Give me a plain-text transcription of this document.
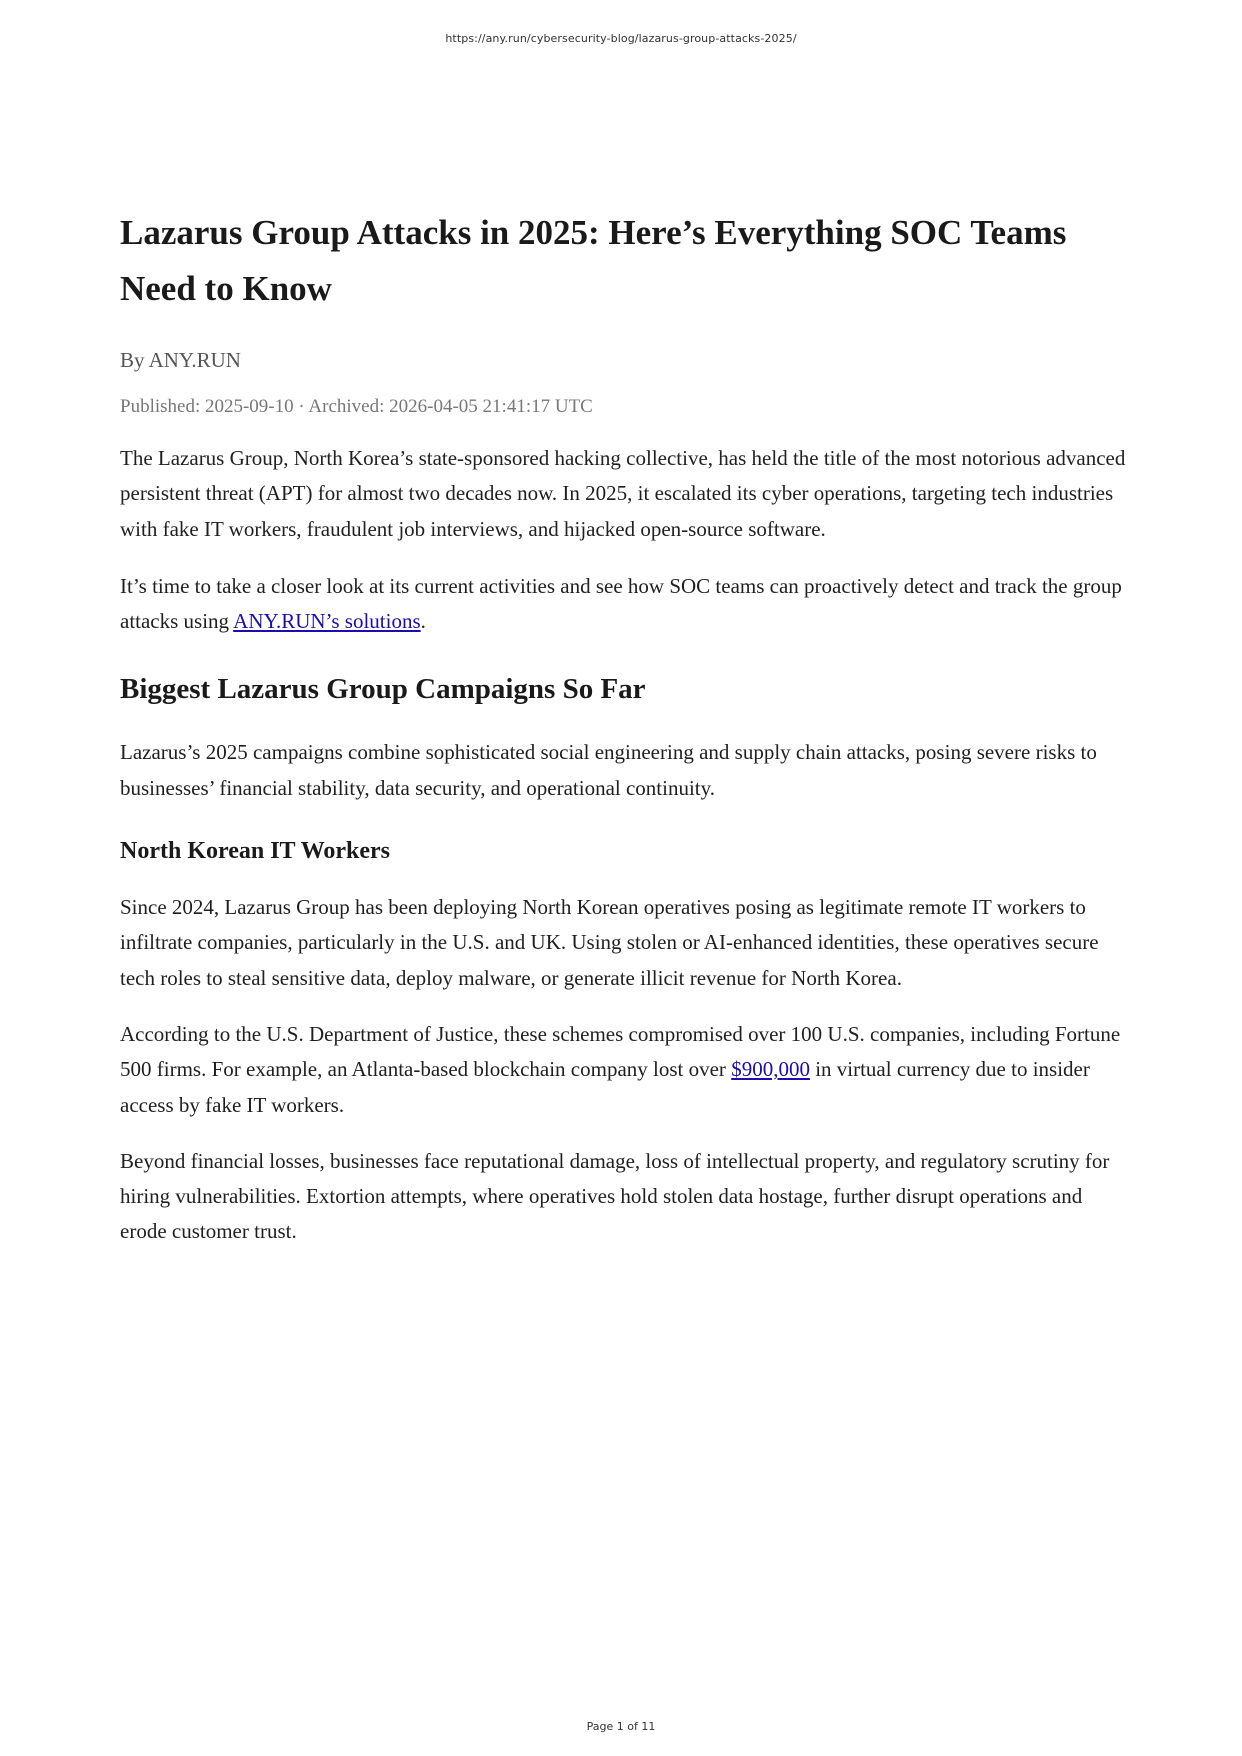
https://any.run/cybersecurity-blog/lazarus-group-attacks-2025/
Lazarus Group Attacks in 2025: Here’s Everything SOC Teams Need to Know

By ANY.RUN

Published: 2025-09-10 · Archived: 2026-04-05 21:41:17 UTC

The Lazarus Group, North Korea’s state-sponsored hacking collective, has held the title of the most notorious advanced persistent threat (APT) for almost two decades now. In 2025, it escalated its cyber operations, targeting tech industries with fake IT workers, fraudulent job interviews, and hijacked open-source software.

It’s time to take a closer look at its current activities and see how SOC teams can proactively detect and track the group attacks using ANY.RUN’s solutions.

Biggest Lazarus Group Campaigns So Far

Lazarus’s 2025 campaigns combine sophisticated social engineering and supply chain attacks, posing severe risks to businesses’ financial stability, data security, and operational continuity.

North Korean IT Workers

Since 2024, Lazarus Group has been deploying North Korean operatives posing as legitimate remote IT workers to infiltrate companies, particularly in the U.S. and UK. Using stolen or AI-enhanced identities, these operatives secure tech roles to steal sensitive data, deploy malware, or generate illicit revenue for North Korea.

According to the U.S. Department of Justice, these schemes compromised over 100 U.S. companies, including Fortune 500 firms. For example, an Atlanta-based blockchain company lost over $900,000 in virtual currency due to insider access by fake IT workers.

Beyond financial losses, businesses face reputational damage, loss of intellectual property, and regulatory scrutiny for hiring vulnerabilities. Extortion attempts, where operatives hold stolen data hostage, further disrupt operations and erode customer trust.

Page 1 of 11
